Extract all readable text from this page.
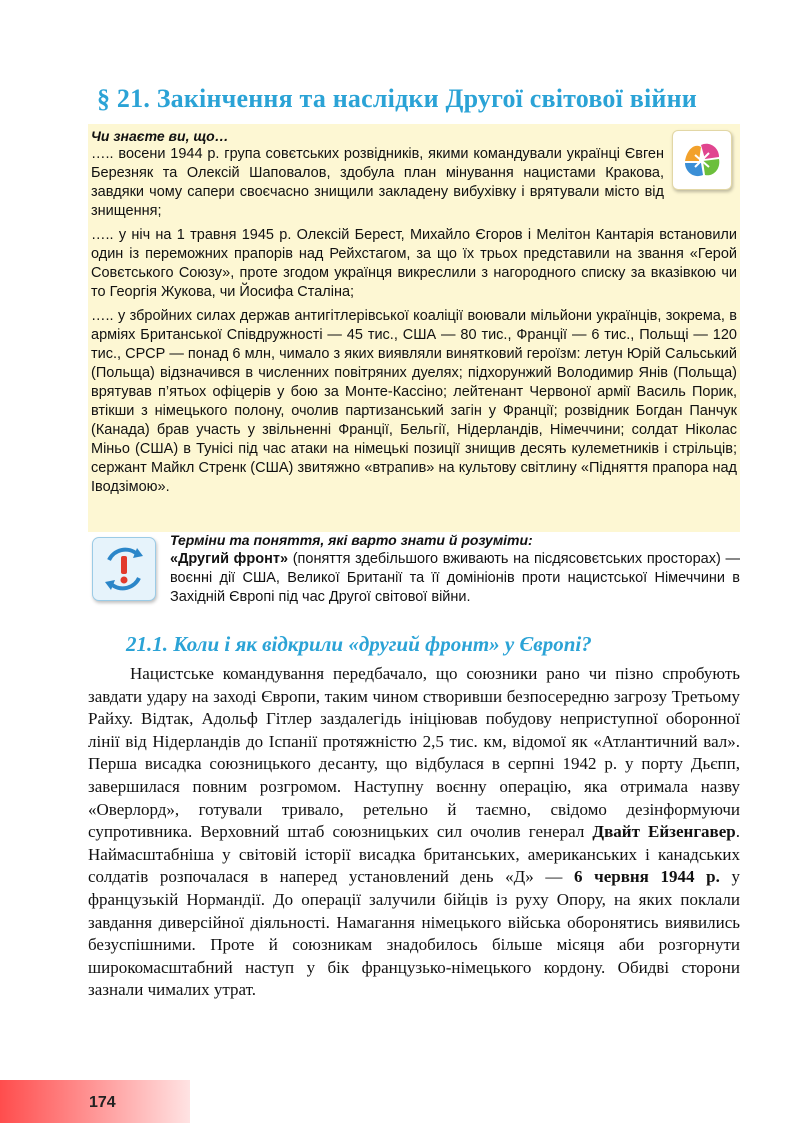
§ 21. Закінчення та наслідки Другої світової війни
Чи знаєте ви, що…

….. восени 1944 р. група совєтських розвідників, якими командували українці Євген Березняк та Олексій Шаповалов, здобула план мінування нацистами Кракова, завдяки чому сапери своєчасно знищили закладену вибухівку і врятували місто від знищення;

….. у ніч на 1 травня 1945 р. Олексій Берест, Михайло Єгоров і Мелітон Кантарія встановили один із переможних прапорів над Рейхстагом, за що їх трьох представили на звання «Герой Совєтського Союзу», проте згодом українця викреслили з нагородного списку за вказівкою чи то Георгія Жукова, чи Йосифа Сталіна;

….. у збройних силах держав антигітлерівської коаліції воювали мільйони українців, зокрема, в арміях Британської Співдружності — 45 тис., США — 80 тис., Франції — 6 тис., Польщі — 120 тис., СРСР — понад 6 млн, чимало з яких виявляли винятковий героїзм: летун Юрій Сальський (Польща) відзначився в численних повітряних дуелях; підхорунжий Володимир Янів (Польща) врятував п’ятьох офіцерів у бою за Монте-Кассіно; лейтенант Червоної армії Василь Порик, втікши з німецького полону, очолив партизанський загін у Франції; розвідник Богдан Панчук (Канада) брав участь у звільненні Франції, Бельгії, Нідерландів, Німеччини; солдат Ніколас Міньо (США) в Тунісі під час атаки на німецькі позиції знищив десять кулеметників і стрільців; сержант Майкл Стренк (США) звитяжно «втрапив» на культову світлину «Підняття прапора над Іводзімою».

Терміни та поняття, які варто знати й розуміти:

«Другий фронт» (поняття здебільшого вживають на пісдясовєтських просторах) — воєнні дії США, Великої Британії та її домініонів проти нацистської Німеччини в Західній Європі під час Другої світової війни.

21.1. Коли і як відкрили «другий фронт» у Європі?

Нацистське командування передбачало, що союзники рано чи пізно спробують завдати удару на заході Європи, таким чином створивши безпосередню загрозу Третьому Райху. Відтак, Адольф Гітлер заздалегідь ініціював побудову неприступної оборонної лінії від Нідерландів до Іспанії протяжністю 2,5 тис. км, відомої як «Атлантичний вал». Перша висадка союзницького десанту, що відбулася в серпні 1942 р. у порту Дьєпп, завершилася повним розгромом. Наступну воєнну операцію, яка отримала назву «Оверлорд», готували тривало, ретельно й таємно, свідомо дезінформуючи супротивника. Верховний штаб союзницьких сил очолив генерал Двайт Ейзенгавер. Наймасштабніша у світовій історії висадка британських, американських і канадських солдатів розпочалася в наперед установлений день «Д» — 6 червня 1944 р. у французькій Нормандії. До операції залучили бійців із руху Опору, на яких поклали завдання диверсійної діяльності. Намагання німецького війська оборонятись виявились безуспішними. Проте й союзникам знадобилось більше місяця аби розгорнути широкомасштабний наступ у бік французько-німецького кордону. Обидві сторони зазнали чималих утрат.

174
